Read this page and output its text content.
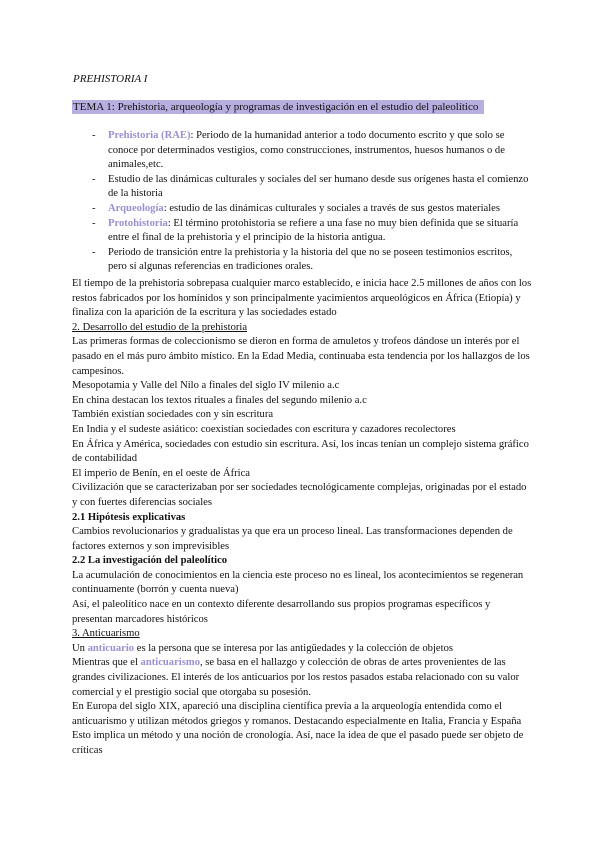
PREHISTORIA I
TEMA 1: Prehistoria, arqueología y programas de investigación en el estudio del paleolítico
- Prehistoria (RAE): Periodo de la humanidad anterior a todo documento escrito y que solo se conoce por determinados vestigios, como construcciones, instrumentos, huesos humanos o de animales,etc.
- Estudio de las dinámicas culturales y sociales del ser humano desde sus orígenes hasta el comienzo de la historia
- Arqueología: estudio de las dinámicas culturales y sociales a través de sus gestos materiales
- Protohistoria: El término protohistoria se refiere a una fase no muy bien definida que se situaría entre el final de la prehistoria y el principio de la historia antigua.
- Periodo de transición entre la prehistoria y la historia del que no se poseen testimonios escritos, pero sí algunas referencias en tradiciones orales.

El tiempo de la prehistoria sobrepasa cualquier marco establecido, e inicia hace 2.5 millones de años con los restos fabricados por los homínidos y son principalmente yacimientos arqueológicos en África (Etiopía) y finaliza con la aparición de la escritura y las sociedades estado

2. Desarrollo del estudio de la prehistoria

Las primeras formas de coleccionismo se dieron en forma de amuletos y trofeos dándose un interés por el pasado en el más puro ámbito místico. En la Edad Media, continuaba esta tendencia por los hallazgos de los campesinos.

Mesopotamia y Valle del Nilo a finales del siglo IV milenio a.c

En china destacan los textos rituales a finales del segundo milenio a.c

También existían sociedades con y sin escritura

En India y el sudeste asiático: coexistían sociedades con escritura y cazadores recolectores

En África y América, sociedades con estudio sin escritura. Así, los incas tenían un complejo sistema gráfico de contabilidad

El imperio de Benín, en el oeste de África

Civilización que se caracterizaban por ser sociedades tecnológicamente complejas, originadas por el estado y con fuertes diferencias sociales

2.1 Hipótesis explicativas

Cambios revolucionarios y gradualistas ya que era un proceso lineal. Las transformaciones dependen de factores externos y son imprevisibles

2.2 La investigación del paleolítico

La acumulación de conocimientos en la ciencia este proceso no es lineal, los acontecimientos se regeneran continuamente (borrón y cuenta nueva)

Así, el paleolítico nace en un contexto diferente desarrollando sus propios programas específicos y presentan marcadores históricos

3. Anticuarismo

Un anticuario es la persona que se interesa por las antigüedades y la colección de objetos

Mientras que el anticuarismo, se basa en el hallazgo y colección de obras de artes provenientes de las grandes civilizaciones. El interés de los anticuarios por los restos pasados estaba relacionado con su valor comercial y el prestigio social que otorgaba su posesión.

En Europa del siglo XIX, apareció una disciplina científica previa a la arqueología entendida como el anticuarismo y utilizan métodos griegos y romanos. Destacando especialmente en Italia, Francia y España

Esto implica un método y una noción de cronología. Así, nace la idea de que el pasado puede ser objeto de críticas
